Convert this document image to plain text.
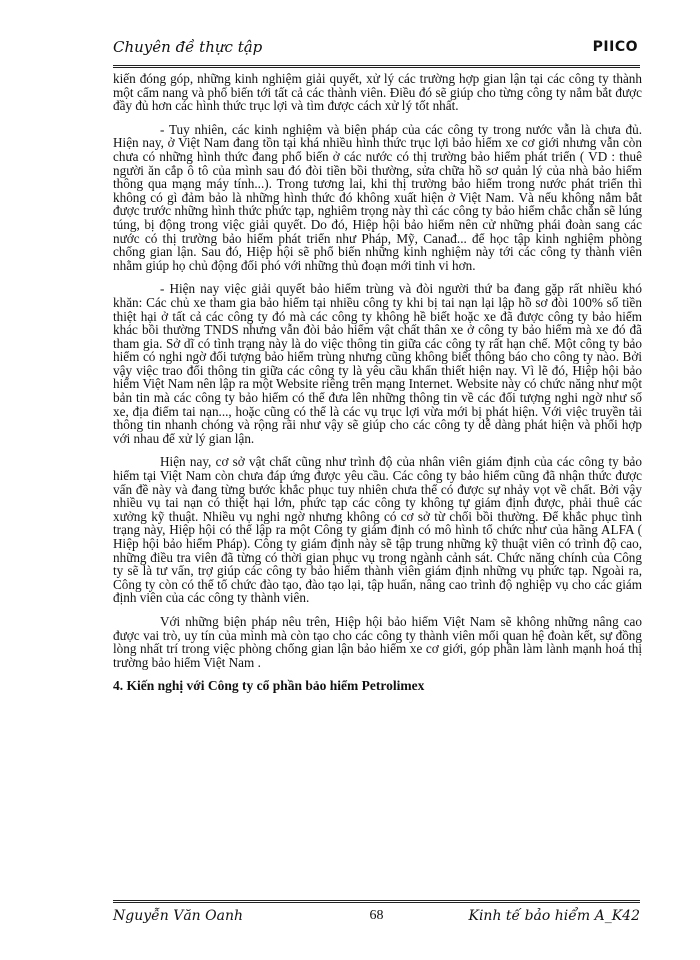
Chuyên đề thực tập	PIICO

kiến đóng góp, những kinh nghiệm giải quyết, xử lý các trường hợp gian lận tại các công ty thành một cẩm nang và phổ biến tới tất cả các thành viên. Điều đó sẽ giúp cho từng công ty nắm bắt được đầy đủ hơn các hình thức trục lợi và tìm được cách xử lý tốt nhất.

- Tuy nhiên, các kinh nghiệm và biện pháp của các công ty trong nước vẫn là chưa đủ. Hiện nay, ở Việt Nam đang tồn tại khá nhiều hình thức trục lợi bảo hiểm xe cơ giới nhưng vẫn còn chưa có những hình thức đang phổ biến ở các nước có thị trường bảo hiểm phát triển ( VD : thuê người ăn cắp ô tô của mình sau đó đòi tiền bồi thường, sửa chữa hồ sơ quản lý của nhà bảo hiểm thông qua mạng máy tính...). Trong tương lai, khi thị trường bảo hiểm trong nước phát triển thì không có gì đảm bảo là những hình thức đó không xuất hiện ở Việt Nam. Và nếu không nắm bắt được trước những hình thức phức tạp, nghiêm trọng này thì các công ty bảo hiểm chắc chắn sẽ lúng túng, bị động trong việc giải quyết. Do đó, Hiệp hội bảo hiểm nên cử những phái đoàn sang các nước có thị trường bảo hiểm phát triển như Pháp, Mỹ, Canađ... để học tập kinh nghiệm phòng chống gian lận. Sau đó, Hiệp hội sẽ phổ biến những kinh nghiệm này tới các công ty thành viên nhằm giúp họ chủ động đối phó với những thủ đoạn mới tinh vi hơn.

- Hiện nay việc giải quyết bảo hiểm trùng và đòi người thứ ba đang gặp rất nhiều khó khăn: Các chủ xe tham gia bảo hiểm tại nhiều công ty khi bị tai nạn lại lập hồ sơ đòi 100% số tiền thiệt hại ở tất cả các công ty đó mà các công ty không hề biết hoặc xe đã được công ty bảo hiểm khác bồi thường TNDS nhưng vẫn đòi bảo hiểm vật chất thân xe ở công ty bảo hiểm mà xe đó đã tham gia. Sở dĩ có tình trạng này là do việc thông tin giữa các công ty rất hạn chế. Một công ty bảo hiểm có nghi ngờ đối tượng bảo hiểm trùng nhưng cũng không biết thông báo cho công ty nào. Bởi vậy việc trao đổi thông tin giữa các công ty là yêu cầu khẩn thiết hiện nay. Vì lẽ đó, Hiệp hội bảo hiểm Việt Nam nên lập ra một Website riêng trên mạng Internet. Website này có chức năng như một bản tin mà các công ty bảo hiểm có thể đưa lên những thông tin về các đối tượng nghi ngờ như số xe, địa điểm tai nạn..., hoặc cũng có thể là các vụ trục lợi vừa mới bị phát hiện. Với việc truyền tải thông tin nhanh chóng và rộng rãi như vậy sẽ giúp cho các công ty dễ dàng phát hiện và phối hợp với nhau để xử lý gian lận.

Hiện nay, cơ sở vật chất cũng như trình độ của nhân viên giám định của các công ty bảo hiểm tại Việt Nam còn chưa đáp ứng được yêu cầu. Các công ty bảo hiểm cũng đã nhận thức được vấn đề này và đang từng bước khắc phục tuy nhiên chưa thể có được sự nhảy vọt về chất. Bởi vậy nhiều vụ tai nạn có thiệt hại lớn, phức tạp các công ty không tự giám định được, phải thuê các xưởng kỹ thuật. Nhiều vụ nghi ngờ nhưng không có cơ sở từ chối bồi thường. Để khắc phục tình trạng này, Hiệp hội có thể lập ra một Công ty giám định có mô hình tổ chức như của hãng ALFA ( Hiệp hội bảo hiểm Pháp). Công ty giám định này sẽ tập trung những kỹ thuật viên có trình độ cao, những điều tra viên đã từng có thời gian phục vụ trong ngành cảnh sát. Chức năng chính của Công ty sẽ là tư vấn, trợ giúp các công ty bảo hiểm thành viên giám định những vụ phức tạp. Ngoài ra, Công ty còn có thể tổ chức đào tạo, đào tạo lại, tập huấn, nâng cao trình độ nghiệp vụ cho các giám định viên của các công ty thành viên.

Với những biện pháp nêu trên, Hiệp hội bảo hiểm Việt Nam sẽ không những nâng cao được vai trò, uy tín của mình mà còn tạo cho các công ty thành viên mối quan hệ đoàn kết, sự đồng lòng nhất trí trong việc phòng chống gian lận bảo hiểm xe cơ giới, góp phần làm lành mạnh hoá thị trường bảo hiểm Việt Nam .

4. Kiến nghị với Công ty cổ phần bảo hiểm Petrolimex

Nguyễn Văn Oanh	68	Kinh tế bảo hiểm A_K42
